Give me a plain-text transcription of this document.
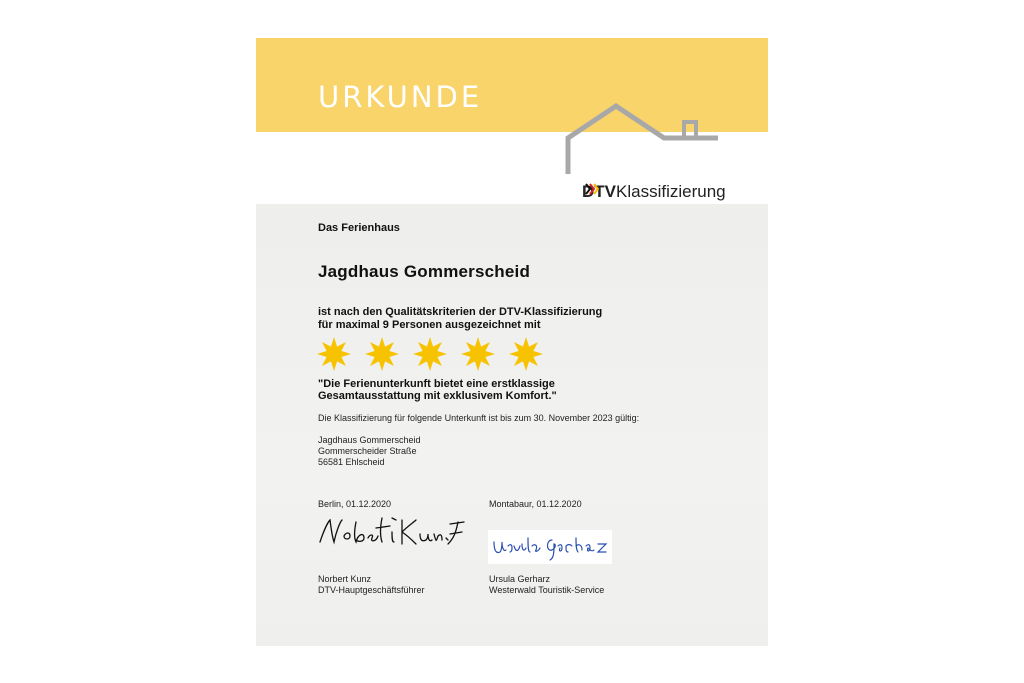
URKUNDE
DTV
Klassifizierung
Das Ferienhaus
Jagdhaus Gommerscheid
ist nach den Qualitätskriterien der DTV-Klassifizierung
für maximal 9 Personen ausgezeichnet mit
"Die Ferienunterkunft bietet eine erstklassige
Gesamtausstattung mit exklusivem Komfort."
Die Klassifizierung für folgende Unterkunft ist bis zum 30. November 2023 gültig:
Jagdhaus Gommerscheid
Gommerscheider Straße
56581 Ehlscheid
Berlin, 01.12.2020	Montabaur, 01.12.2020
Norbert Kunz
DTV-Hauptgeschäftsführer
Ursula Gerharz
Westerwald Touristik-Service
